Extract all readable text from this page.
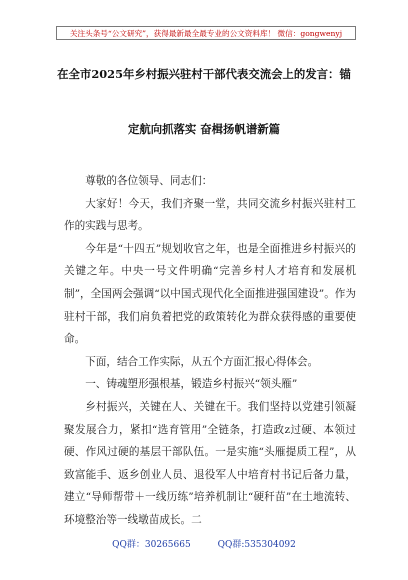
关注头条号“公文研究”，获得最新最全最专业的公文资料库！ 微信：gongwenyj
在全市2025年乡村振兴驻村干部代表交流会上的发言：锚
定航向抓落实 奋楫扬帆谱新篇

尊敬的各位领导、同志们：

大家好！今天，我们齐聚一堂，共同交流乡村振兴驻村工作的实践与思考。

今年是“十四五”规划收官之年，也是全面推进乡村振兴的关键之年。中央一号文件明确“完善乡村人才培育和发展机制”，全国两会强调“以中国式现代化全面推进强国建设”。作为驻村干部，我们肩负着把党的政策转化为群众获得感的重要使命。

下面，结合工作实际，从五个方面汇报心得体会。

一、铸魂塑形强根基，锻造乡村振兴“领头雁”

乡村振兴，关键在人、关键在干。我们坚持以党建引领凝聚发展合力，紧扣“选育管用”全链条，打造政z过硬、本领过硬、作风过硬的基层干部队伍。一是实施“头雁提质工程”，从致富能手、返乡创业人员、退役军人中培育村书记后备力量，建立“导师帮带＋一线历练”培养机制让“硬秆苗”在土地流转、环境整治等一线墩苗成长。二

QQ群：30265665	QQ群:535304092
